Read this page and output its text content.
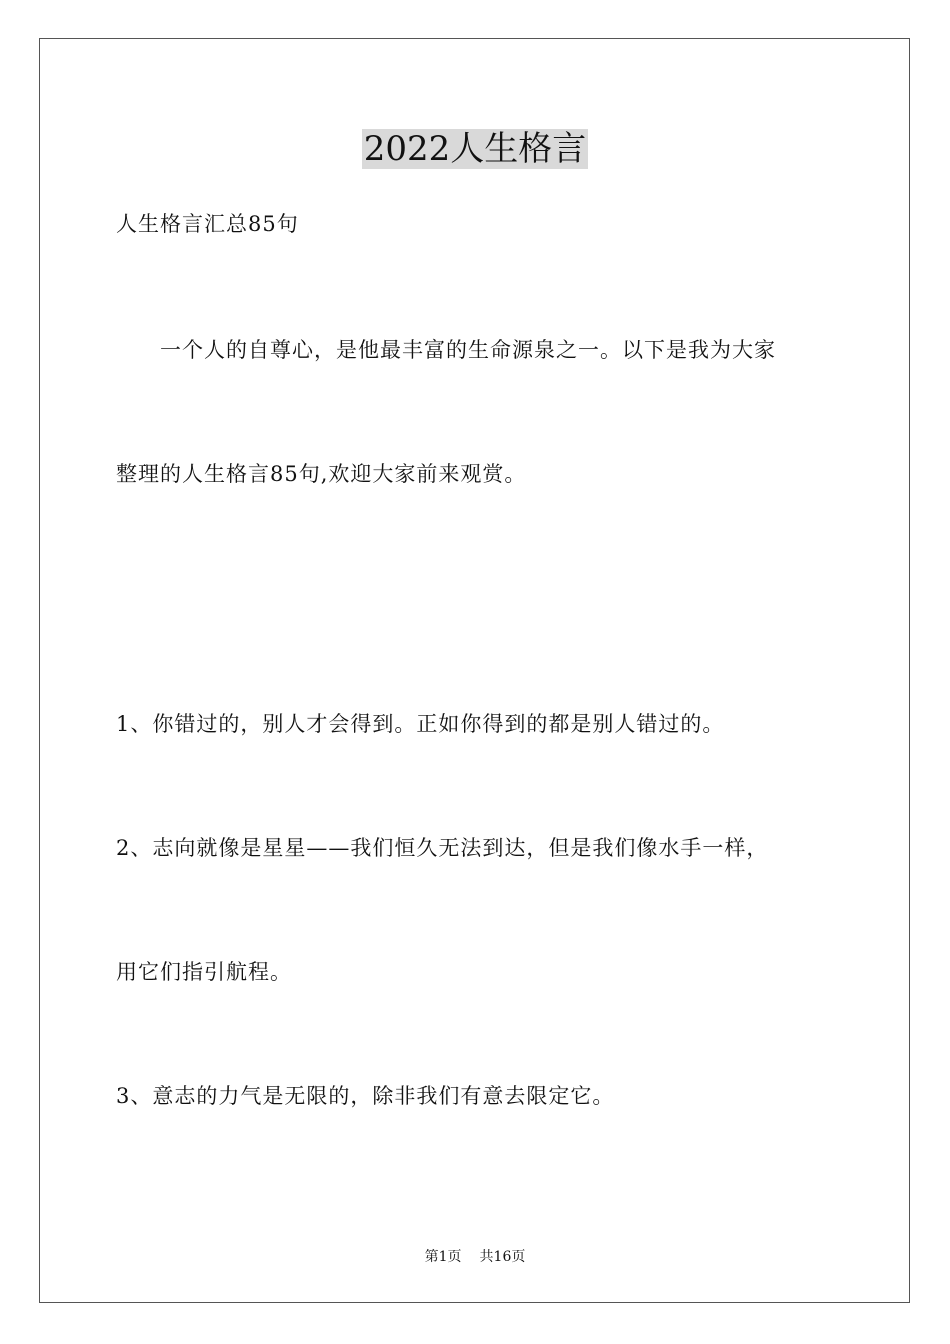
2022人生格言
人生格言汇总85句
一个人的自尊心，是他最丰富的生命源泉之一。以下是我为大家
整理的人生格言85句,欢迎大家前来观赏。
1、你错过的，别人才会得到。正如你得到的都是别人错过的。
2、志向就像是星星——我们恒久无法到达，但是我们像水手一样，
用它们指引航程。
3、意志的力气是无限的，除非我们有意去限定它。
第1页 共16页
